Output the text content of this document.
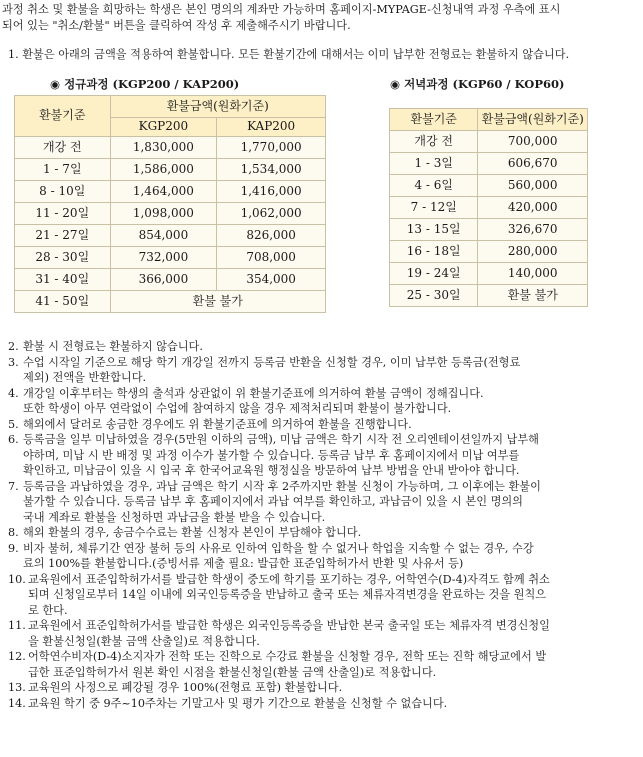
과정 취소 및 환불을 희망하는 학생은 본인 명의의 계좌만 가능하며 홈페이지-MYPAGE-신청내역 과정 우측에 표시

되어 있는 "취소/환불" 버튼을 클릭하여 작성 후 제출해주시기 바랍니다.

1. 환불은 아래의 금액을 적용하여 환불합니다. 모든 환불기간에 대해서는 이미 납부한 전형료는 환불하지 않습니다.
◉ 정규과정 (KGP200 / KAP200)
환불기준	환불금액(원화기준)	
	KGP200	KAP200
개강 전	1,830,000	1,770,000
1 - 7일	1,586,000	1,534,000
8 - 10일	1,464,000	1,416,000
11 - 20일	1,098,000	1,062,000
21 - 27일	854,000	826,000
28 - 30일	732,000	708,000
31 - 40일	366,000	354,000
41 - 50일	환불 불가	
◉ 저녁과정 (KGP60 / KOP60)
환불기준	환불금액(원화기준)
개강 전	700,000
1 - 3일	606,670
4 - 6일	560,000
7 - 12일	420,000
13 - 15일	326,670
16 - 18일	280,000
19 - 24일	140,000
25 - 30일	환불 불가
2. 환불 시 전형료는 환불하지 않습니다.
3. 수업 시작일 기준으로 해당 학기 개강일 전까지 등록금 반환을 신청할 경우, 이미 납부한 등록금(전형료
제외) 전액을 반환합니다.
4. 개강일 이후부터는 학생의 출석과 상관없이 위 환불기준표에 의거하여 환불 금액이 정해집니다.
또한 학생이 아무 연락없이 수업에 참여하지 않을 경우 제적처리되며 환불이 불가합니다.
5. 해외에서 달러로 송금한 경우에도 위 환불기준표에 의거하여 환불을 진행합니다.
6. 등록금을 일부 미납하였을 경우(5만원 이하의 금액), 미납 금액은 학기 시작 전 오리엔테이션일까지 납부해
야하며, 미납 시 반 배정 및 과정 이수가 불가할 수 있습니다. 등록금 납부 후 홈페이지에서 미납 여부를
확인하고, 미납금이 있을 시 입국 후 한국어교육원 행정실을 방문하여 납부 방법을 안내 받아야 합니다.
7. 등록금을 과납하였을 경우, 과납 금액은 학기 시작 후 2주까지만 환불 신청이 가능하며, 그 이후에는 환불이
불가할 수 있습니다. 등록금 납부 후 홈페이지에서 과납 여부를 확인하고, 과납금이 있을 시 본인 명의의
국내 계좌로 환불을 신청하면 과납금을 환불 받을 수 있습니다.
8. 해외 환불의 경우, 송금수수료는 환불 신청자 본인이 부담해야 합니다.
9. 비자 불허, 체류기간 연장 불허 등의 사유로 인하여 입학을 할 수 없거나 학업을 지속할 수 없는 경우, 수강
료의 100%를 환불합니다.(증빙서류 제출 필요: 발급한 표준입학허가서 반환 및 사유서 등)
10. 교육원에서 표준입학허가서를 발급한 학생이 중도에 학기를 포기하는 경우, 어학연수(D-4)자격도 함께 취소
되며 신청일로부터 14일 이내에 외국인등록증을 반납하고 출국 또는 체류자격변경을 완료하는 것을 원칙으
로 한다.
11. 교육원에서 표준입학허가서를 발급한 학생은 외국인등록증을 반납한 본국 출국일 또는 체류자격 변경신청일
을 환불신청일(환불 금액 산출일)로 적용합니다.
12. 어학연수비자(D-4)소지자가 전학 또는 진학으로 수강료 환불을 신청할 경우, 전학 또는 진학 해당교에서 발
급한 표준입학허가서 원본 확인 시점을 환불신청일(환불 금액 산출일)로 적용합니다.
13. 교육원의 사정으로 폐강될 경우 100%(전형료 포함) 환불합니다.
14. 교육원 학기 중 9주~10주차는 기말고사 및 평가 기간으로 환불을 신청할 수 없습니다.
